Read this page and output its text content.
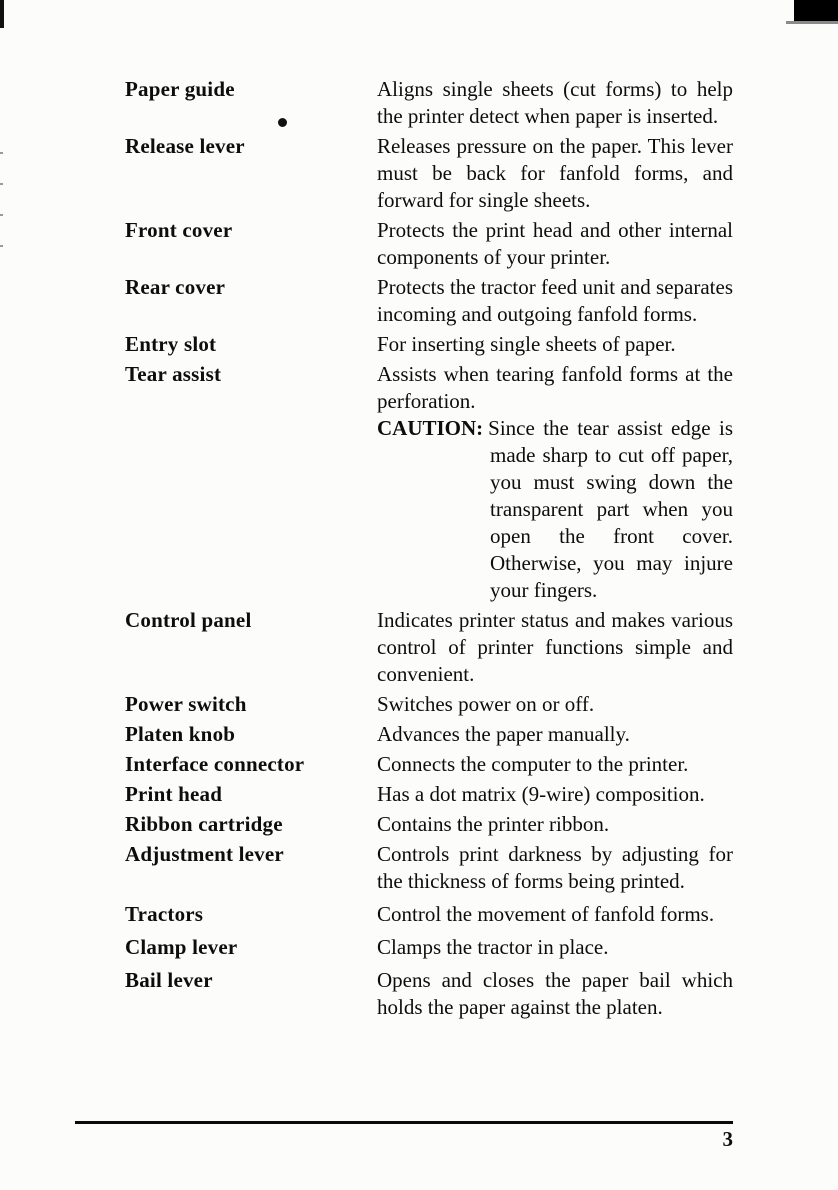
Paper guide	Aligns single sheets (cut forms) to help the printer detect when paper is inserted.
Release lever	Releases pressure on the paper. This lever must be back for fanfold forms, and forward for single sheets.
Front cover	Protects the print head and other internal components of your printer.
Rear cover	Protects the tractor feed unit and separates incoming and outgoing fanfold forms.
Entry slot	For inserting single sheets of paper.
Tear assist	Assists when tearing fanfold forms at the perforation.
CAUTION: Since the tear assist edge is made sharp to cut off paper, you must swing down the transparent part when you open the front cover. Otherwise, you may injure your fingers.
Control panel	Indicates printer status and makes various control of printer functions simple and convenient.
Power switch	Switches power on or off.
Platen knob	Advances the paper manually.
Interface connector	Connects the computer to the printer.
Print head	Has a dot matrix (9-wire) composition.
Ribbon cartridge	Contains the printer ribbon.
Adjustment lever	Controls print darkness by adjusting for the thickness of forms being printed.
Tractors	Control the movement of fanfold forms.
Clamp lever	Clamps the tractor in place.
Bail lever	Opens and closes the paper bail which holds the paper against the platen.
3
